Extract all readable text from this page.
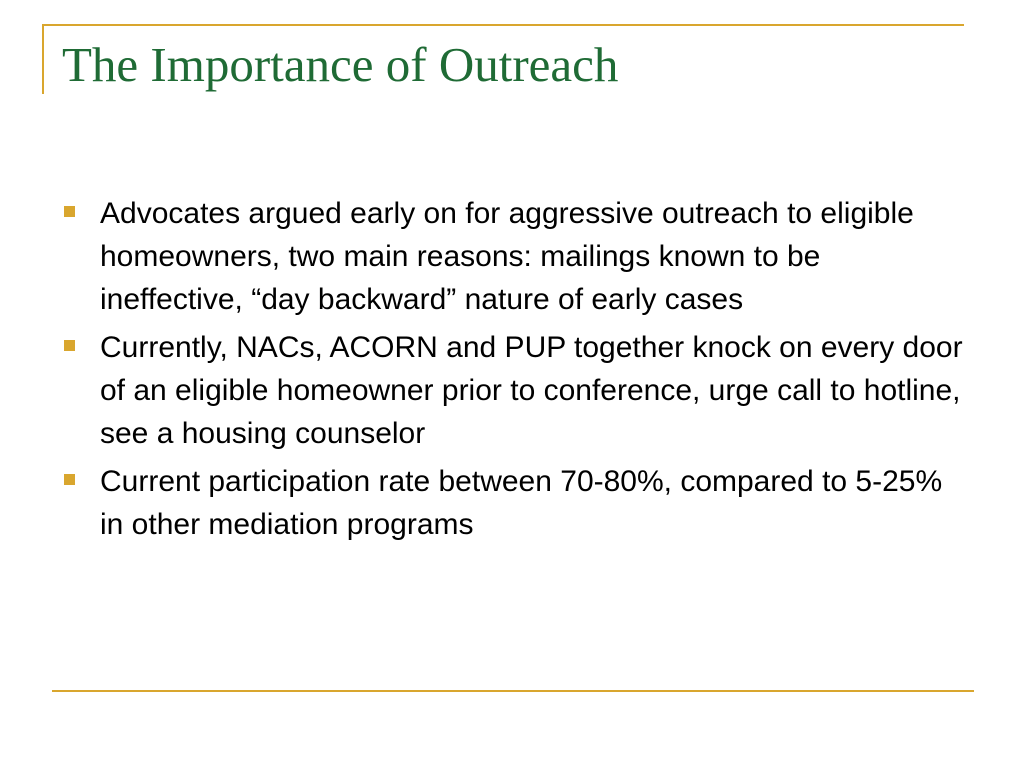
The Importance of Outreach
Advocates argued early on for aggressive outreach to eligible homeowners, two main reasons: mailings known to be ineffective, “day backward” nature of early cases
Currently, NACs, ACORN and PUP together knock on every door of an eligible homeowner prior to conference, urge call to hotline, see a housing counselor
Current participation rate between 70-80%, compared to 5-25% in other mediation programs
